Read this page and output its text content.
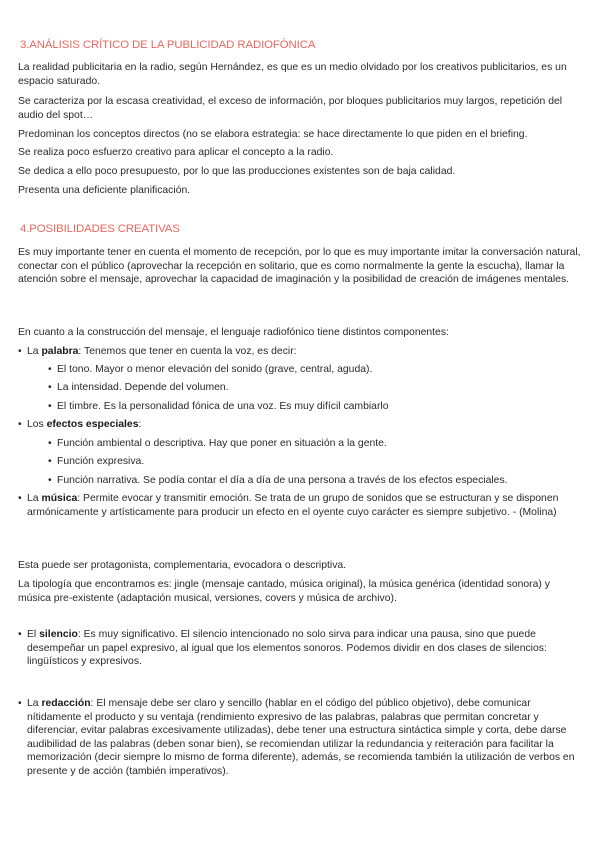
3.ANÁLISIS CRÍTICO DE LA PUBLICIDAD RADIOFÓNICA

La realidad publicitaria en la radio, según Hernández, es que es un medio olvidado por los creativos publicitarios, es un espacio saturado.

Se caracteriza por la escasa creatividad, el exceso de información, por bloques publicitarios muy largos, repetición del audio del spot…

Predominan los conceptos directos (no se elabora estrategia: se hace directamente lo que piden en el briefing.

Se realiza poco esfuerzo creativo para aplicar el concepto a la radio.

Se dedica a ello poco presupuesto, por lo que las producciones existentes son de baja calidad.

Presenta una deficiente planificación.

4.POSIBILIDADES CREATIVAS

Es muy importante tener en cuenta el momento de recepción, por lo que es muy importante imitar la conversación natural, conectar con el público (aprovechar la recepción en solitario, que es como normalmente la gente la escucha), llamar la atención sobre el mensaje, aprovechar la capacidad de imaginación y la posibilidad de creación de imágenes mentales.

En cuanto a la construcción del mensaje, el lenguaje radiofónico tiene distintos componentes:

• La palabra: Tenemos que tener en cuenta la voz, es decir:

• El tono. Mayor o menor elevación del sonido (grave, central, aguda).

• La intensidad. Depende del volumen.

• El timbre. Es la personalidad fónica de una voz. Es muy difícil cambiarlo

• Los efectos especiales:

• Función ambiental o descriptiva. Hay que poner en situación a la gente.

• Función expresiva.

• Función narrativa. Se podía contar el día a día de una persona a través de los efectos especiales.

• La música: Permite evocar y transmitir emoción. Se trata de un grupo de sonidos que se estructuran y se disponen armónicamente y artísticamente para producir un efecto en el oyente cuyo carácter es siempre subjetivo. - (Molina)

Esta puede ser protagonista, complementaria, evocadora o descriptiva.

La tipología que encontramos es: jingle (mensaje cantado, música original), la música genérica (identidad sonora) y música pre-existente (adaptación musical, versiones, covers y música de archivo).

• El silencio: Es muy significativo. El silencio intencionado no solo sirva para indicar una pausa, sino que puede desempeñar un papel expresivo, al igual que los elementos sonoros. Podemos dividir en dos clases de silencios: lingüísticos y expresivos.

• La redacción: El mensaje debe ser claro y sencillo (hablar en el código del público objetivo), debe comunicar nítidamente el producto y su ventaja (rendimiento expresivo de las palabras, palabras que permitan concretar y diferenciar, evitar palabras excesivamente utilizadas), debe tener una estructura sintáctica simple y corta, debe darse audibilidad de las palabras (deben sonar bien), se recomiendan utilizar la redundancia y reiteración para facilitar la memorización (decir siempre lo mismo de forma diferente), además, se recomienda también la utilización de verbos en presente y de acción (también imperativos).
